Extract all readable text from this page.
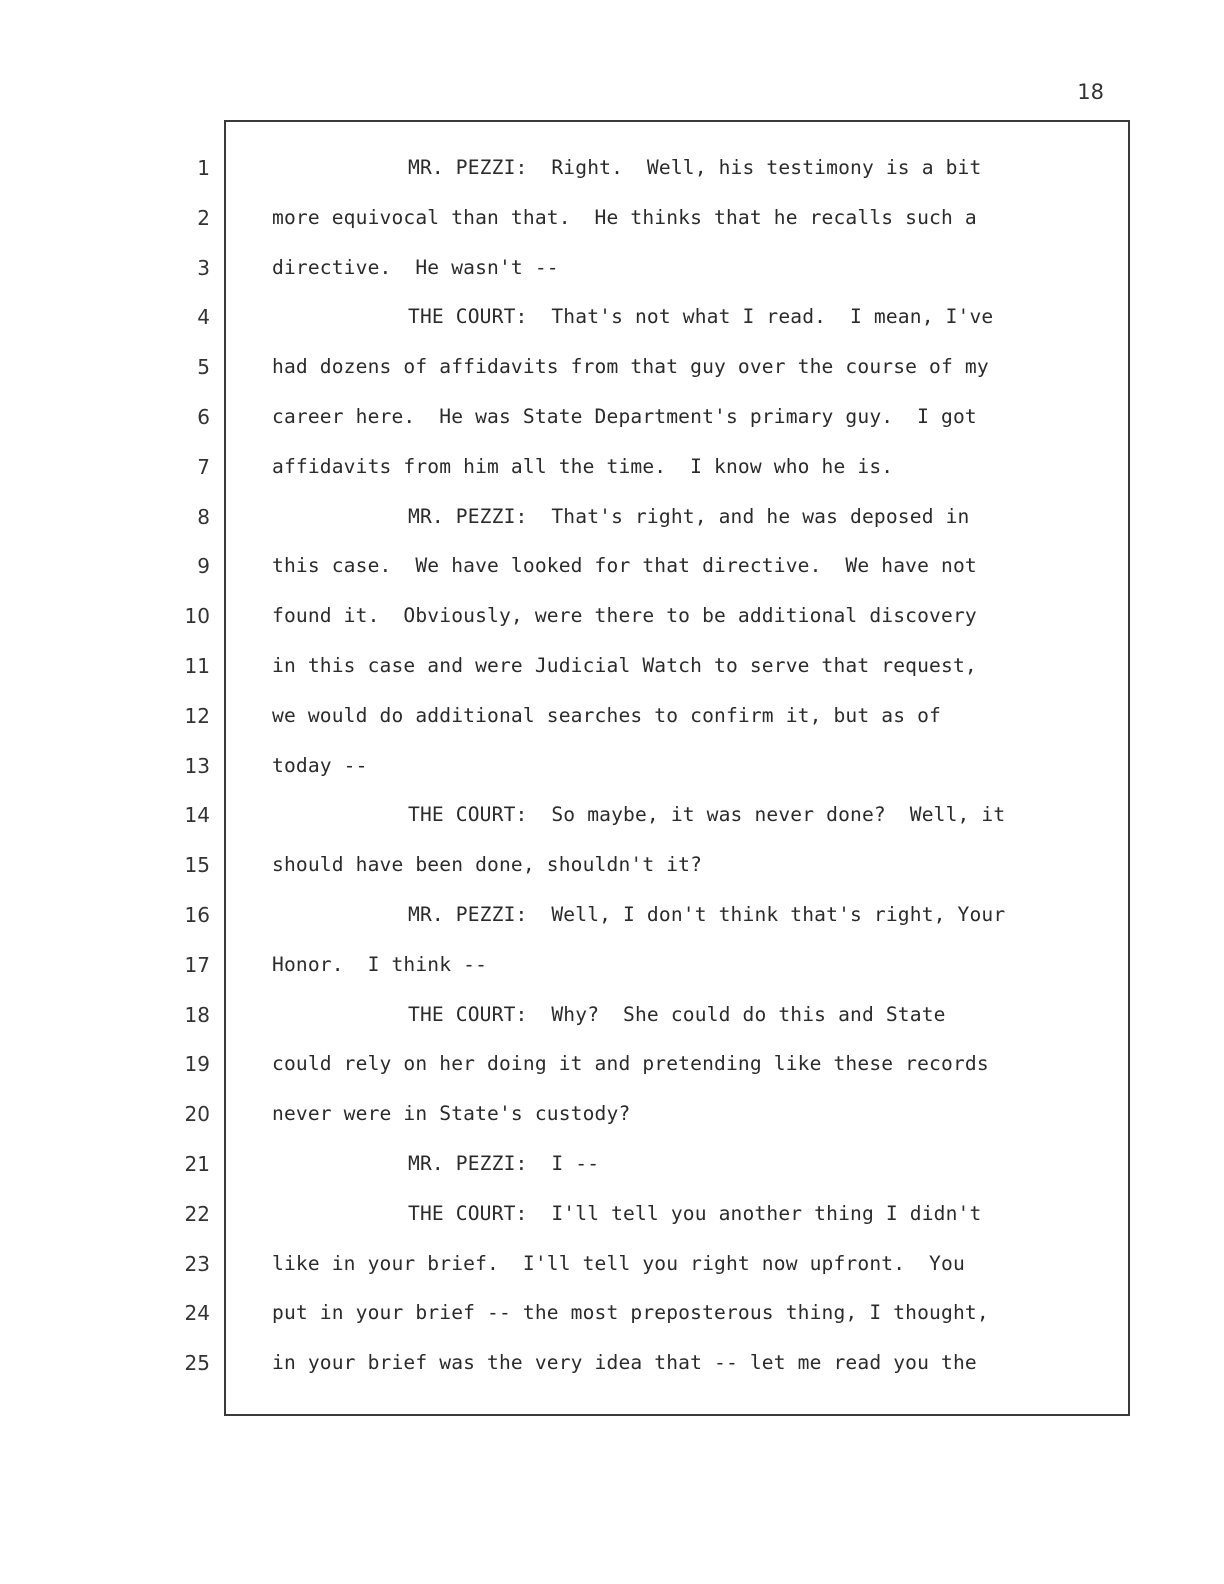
18
1
2
3
4
5
6
7
8
9
10
11
12
13
14
15
16
17
18
19
20
21
22
23
24
25
MR. PEZZI:  Right.  Well, his testimony is a bit
more equivocal than that.  He thinks that he recalls such a
directive.  He wasn't --
THE COURT:  That's not what I read.  I mean, I've
had dozens of affidavits from that guy over the course of my
career here.  He was State Department's primary guy.  I got
affidavits from him all the time.  I know who he is.
MR. PEZZI:  That's right, and he was deposed in
this case.  We have looked for that directive.  We have not
found it.  Obviously, were there to be additional discovery
in this case and were Judicial Watch to serve that request,
we would do additional searches to confirm it, but as of
today --
THE COURT:  So maybe, it was never done?  Well, it
should have been done, shouldn't it?
MR. PEZZI:  Well, I don't think that's right, Your
Honor.  I think --
THE COURT:  Why?  She could do this and State
could rely on her doing it and pretending like these records
never were in State's custody?
MR. PEZZI:  I --
THE COURT:  I'll tell you another thing I didn't
like in your brief.  I'll tell you right now upfront.  You
put in your brief -- the most preposterous thing, I thought,
in your brief was the very idea that -- let me read you the
